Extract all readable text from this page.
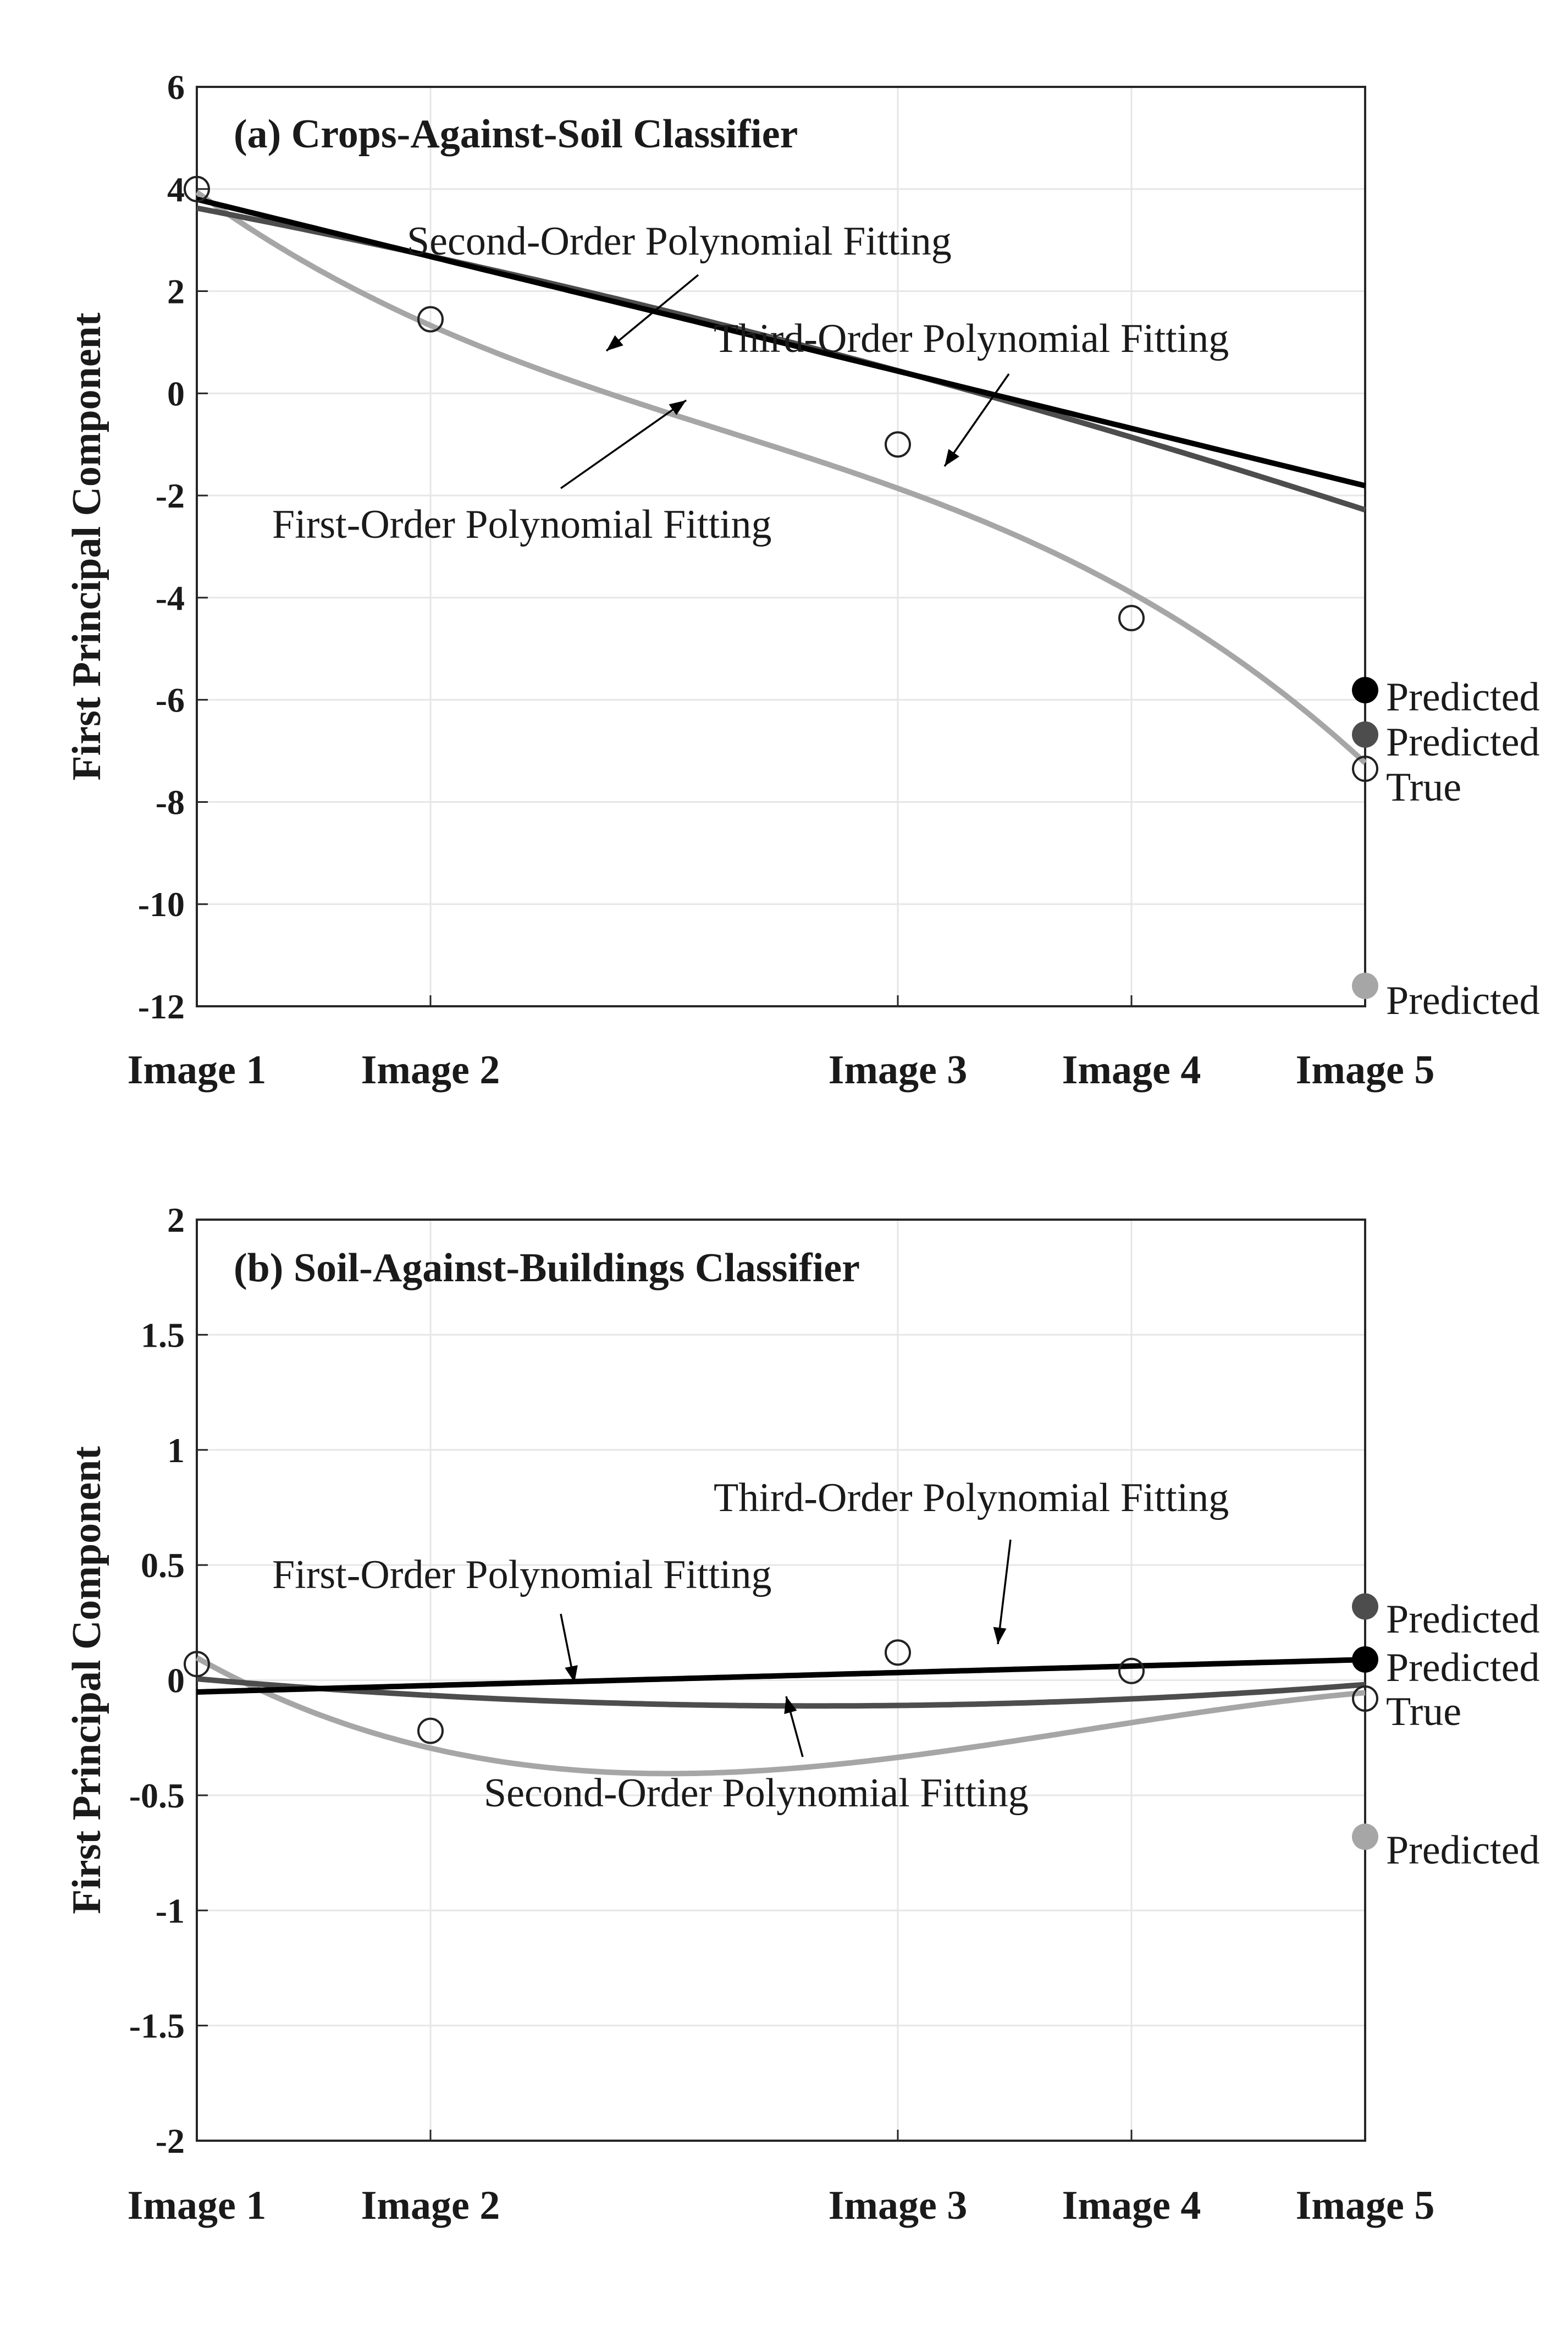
-12
-10
-8
-6
-4
-2
0
2
4
6
Image 1 Image 2	Image 3 Image 4 Image 5
First Principal Component
(a) Crops-Against-Soil Classifier
Predicted
Predicted
True
Predicted
Second-Order Polynomial Fitting
Third-Order Polynomial Fitting
First-Order Polynomial Fitting
-2
-1.5
-1
-0.5
0
0.5
1
1.5
2
Image 1 Image 2	Image 3 Image 4 Image 5
First Principal Component
(b) Soil-Against-Buildings Classifier
Predicted
Predicted
True
Predicted
Third-Order Polynomial Fitting
First-Order Polynomial Fitting
Second-Order Polynomial Fitting
